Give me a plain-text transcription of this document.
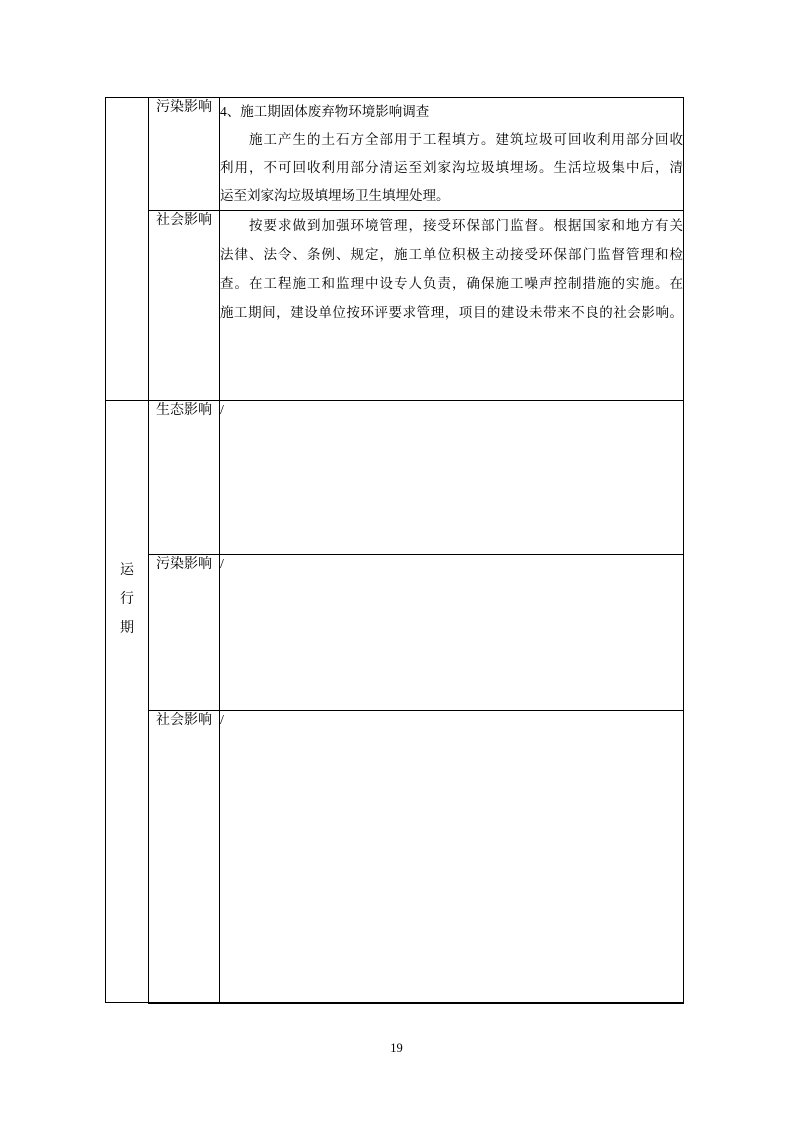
	污染影响	4、施工期固体废弃物环境影响调查
　　施工产生的土石方全部用于工程填方。建筑垃圾可回收利用部分回收
利用，不可回收利用部分清运至刘家沟垃圾填埋场。生活垃圾集中后，清
运至刘家沟垃圾填埋场卫生填埋处理。

	社会影响	　　按要求做到加强环境管理，接受环保部门监督。根据国家和地方有关
法律、法令、条例、规定，施工单位积极主动接受环保部门监督管理和检
查。在工程施工和监理中设专人负责，确保施工噪声控制措施的实施。在
施工期间，建设单位按环评要求管理，项目的建设未带来不良的社会影响。

运行期	生态影响	/
	污染影响	/
	社会影响	/
19
